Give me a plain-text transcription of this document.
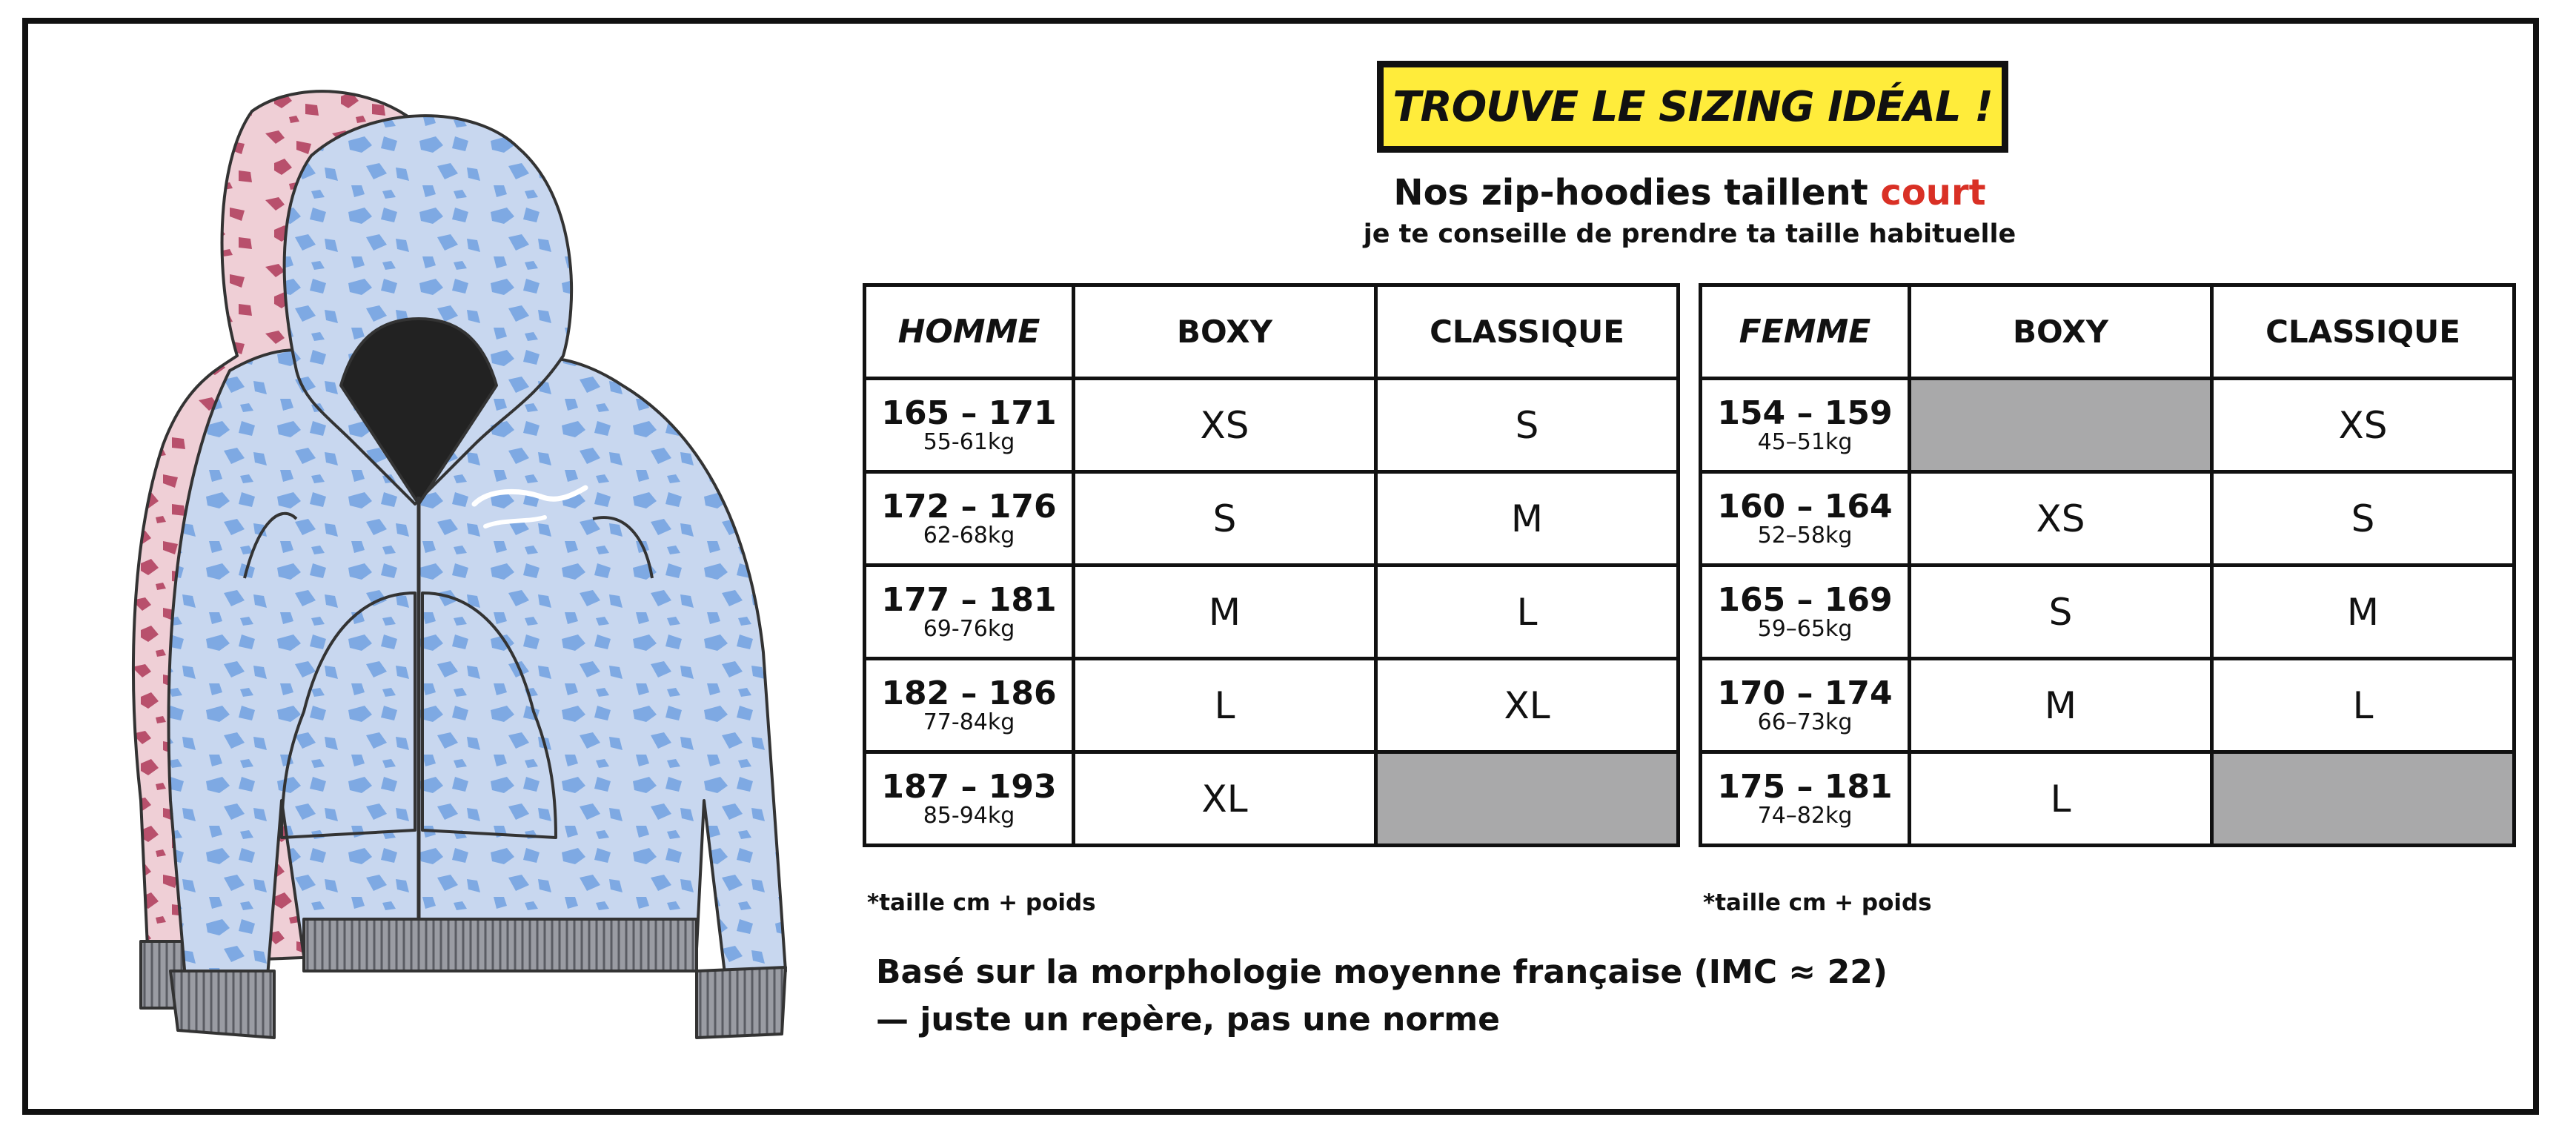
TROUVE LE SIZING IDÉAL !
Nos zip-hoodies taillent court
je te conseille de prendre ta taille habituelle
HOMME	BOXY	CLASSIQUE

165 – 171
55-61kg	XS	S

172 – 176
62-68kg	S	M

177 – 181
69-76kg	M	L

182 – 186
77-84kg	L	XL

187 – 193
85-94kg	XL	
*taille cm + poids
FEMME	BOXY	CLASSIQUE

154 – 159
45–51kg		XS

160 – 164
52–58kg	XS	S

165 – 169
59–65kg	S	M

170 – 174
66–73kg	M	L

175 – 181
74–82kg	L	
*taille cm + poids
Basé sur la morphologie moyenne française (IMC ≈ 22)
— juste un repère, pas une norme
